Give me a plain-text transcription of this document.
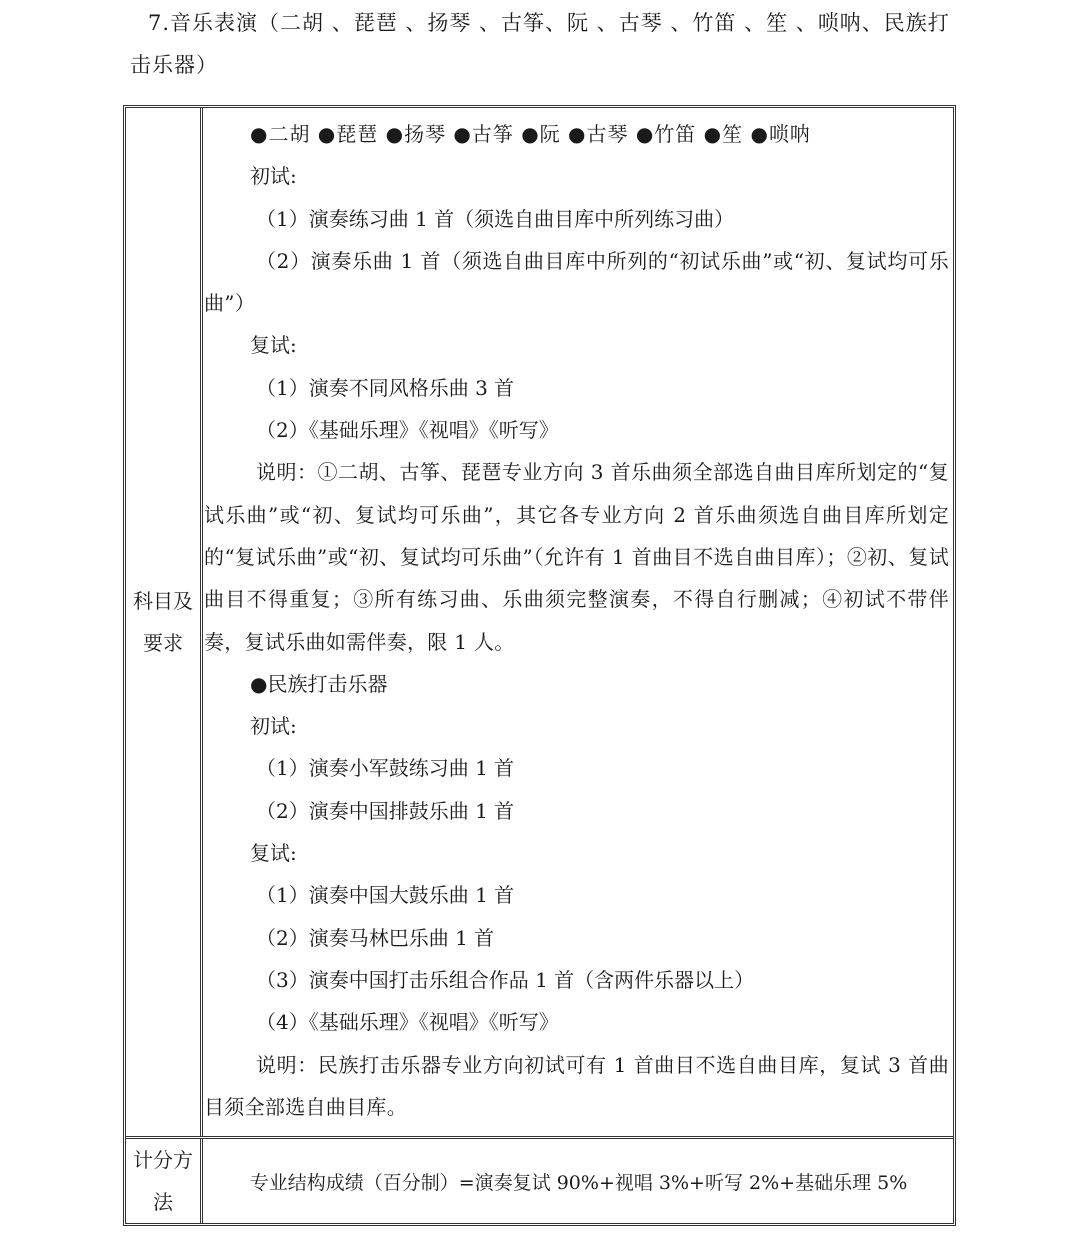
7.音乐表演（二胡 、琵琶 、扬琴 、古筝、阮 、古琴 、竹笛 、笙 、唢呐、民族打击乐器）
科目及要求
●二胡 ●琵琶 ●扬琴 ●古筝 ●阮 ●古琴 ●竹笛 ●笙 ●唢呐
初试:
（1）演奏练习曲 1 首（须选自曲目库中所列练习曲）
（2）演奏乐曲 1 首（须选自曲目库中所列的“初试乐曲”或“初、复试均可乐曲”）
复试:
（1）演奏不同风格乐曲 3 首
（2）《基础乐理》《视唱》《听写》
说明：①二胡、古筝、琵琶专业方向 3 首乐曲须全部选自曲目库所划定的“复试乐曲”或“初、复试均可乐曲”，其它各专业方向 2 首乐曲须选自曲目库所划定的“复试乐曲”或“初、复试均可乐曲”（允许有 1 首曲目不选自曲目库）；②初、复试曲目不得重复；③所有练习曲、乐曲须完整演奏，不得自行删减；④初试不带伴奏，复试乐曲如需伴奏，限 1 人。
●民族打击乐器
初试:
（1）演奏小军鼓练习曲 1 首
（2）演奏中国排鼓乐曲 1 首
复试:
（1）演奏中国大鼓乐曲 1 首
（2）演奏马林巴乐曲 1 首
（3）演奏中国打击乐组合作品 1 首（含两件乐器以上）
（4）《基础乐理》《视唱》《听写》
说明：民族打击乐器专业方向初试可有 1 首曲目不选自曲目库，复试 3 首曲目须全部选自曲目库。
计分方法
专业结构成绩（百分制）=演奏复试 90%+视唱 3%+听写 2%+基础乐理 5%
